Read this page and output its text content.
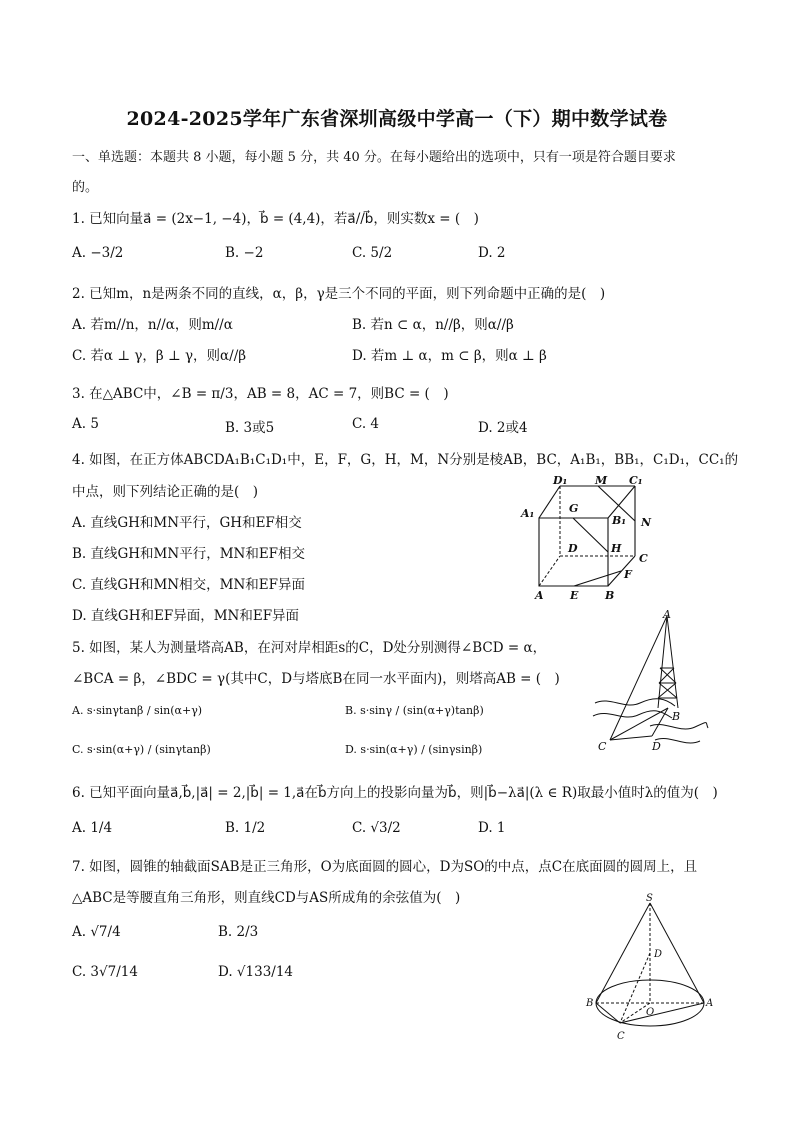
2024-2025学年广东省深圳高级中学高一（下）期中数学试卷
一、单选题：本题共 8 小题，每小题 5 分，共 40 分。在每小题给出的选项中，只有一项是符合题目要求
的。
1. 已知向量a⃗ = (2x−1, −4)，b⃗ = (4,4)，若a⃗//b⃗，则实数x = (　)
A. −3/2	B. −2	C. 5/2	D. 2
2. 已知m，n是两条不同的直线，α，β，γ是三个不同的平面，则下列命题中正确的是(　)
A. 若m//n，n//α，则m//α	B. 若n ⊂ α，n//β，则α//β
C. 若α ⊥ γ，β ⊥ γ，则α//β	D. 若m ⊥ α，m ⊂ β，则α ⊥ β
3. 在△ABC中，∠B = π/3，AB = 8，AC = 7，则BC = (　)
A. 5	B. 3或5	C. 4	D. 2或4
4. 如图，在正方体ABCDA₁B₁C₁D₁中，E，F，G，H，M，N分别是棱AB，BC，A₁B₁，BB₁，C₁D₁，CC₁的
中点，则下列结论正确的是(　)
A. 直线GH和MN平行，GH和EF相交
B. 直线GH和MN平行，MN和EF相交
C. 直线GH和MN相交，MN和EF异面
D. 直线GH和EF异面，MN和EF异面
D₁	M C₁
A₁	G
B₁ N
D	H
C
F
A E B
5. 如图，某人为测量塔高AB，在河对岸相距s的C，D处分别测得∠BCD = α，
∠BCA = β，∠BDC = γ(其中C，D与塔底B在同一水平面内)，则塔高AB = (　)
A. s·sinγtanβ / sin(α+γ)	B. s·sinγ / (sin(α+γ)tanβ)
C. s·sin(α+γ) / (sinγtanβ)	D. s·sin(α+γ) / (sinγsinβ)
A
B
C	D
6. 已知平面向量a⃗,b⃗,|a⃗| = 2,|b⃗| = 1,a⃗在b⃗方向上的投影向量为b⃗，则|b⃗−λa⃗|(λ ∈ R)取最小值时λ的值为(　)
A. 1/4	B. 1/2	C. √3/2	D. 1
7. 如图，圆锥的轴截面SAB是正三角形，O为底面圆的圆心，D为SO的中点，点C在底面圆的圆周上，且
△ABC是等腰直角三角形，则直线CD与AS所成角的余弦值为(　)
A. √7/4	B. 2/3
C. 3√7/14	D. √133/14
S
D
B
O
A
C
